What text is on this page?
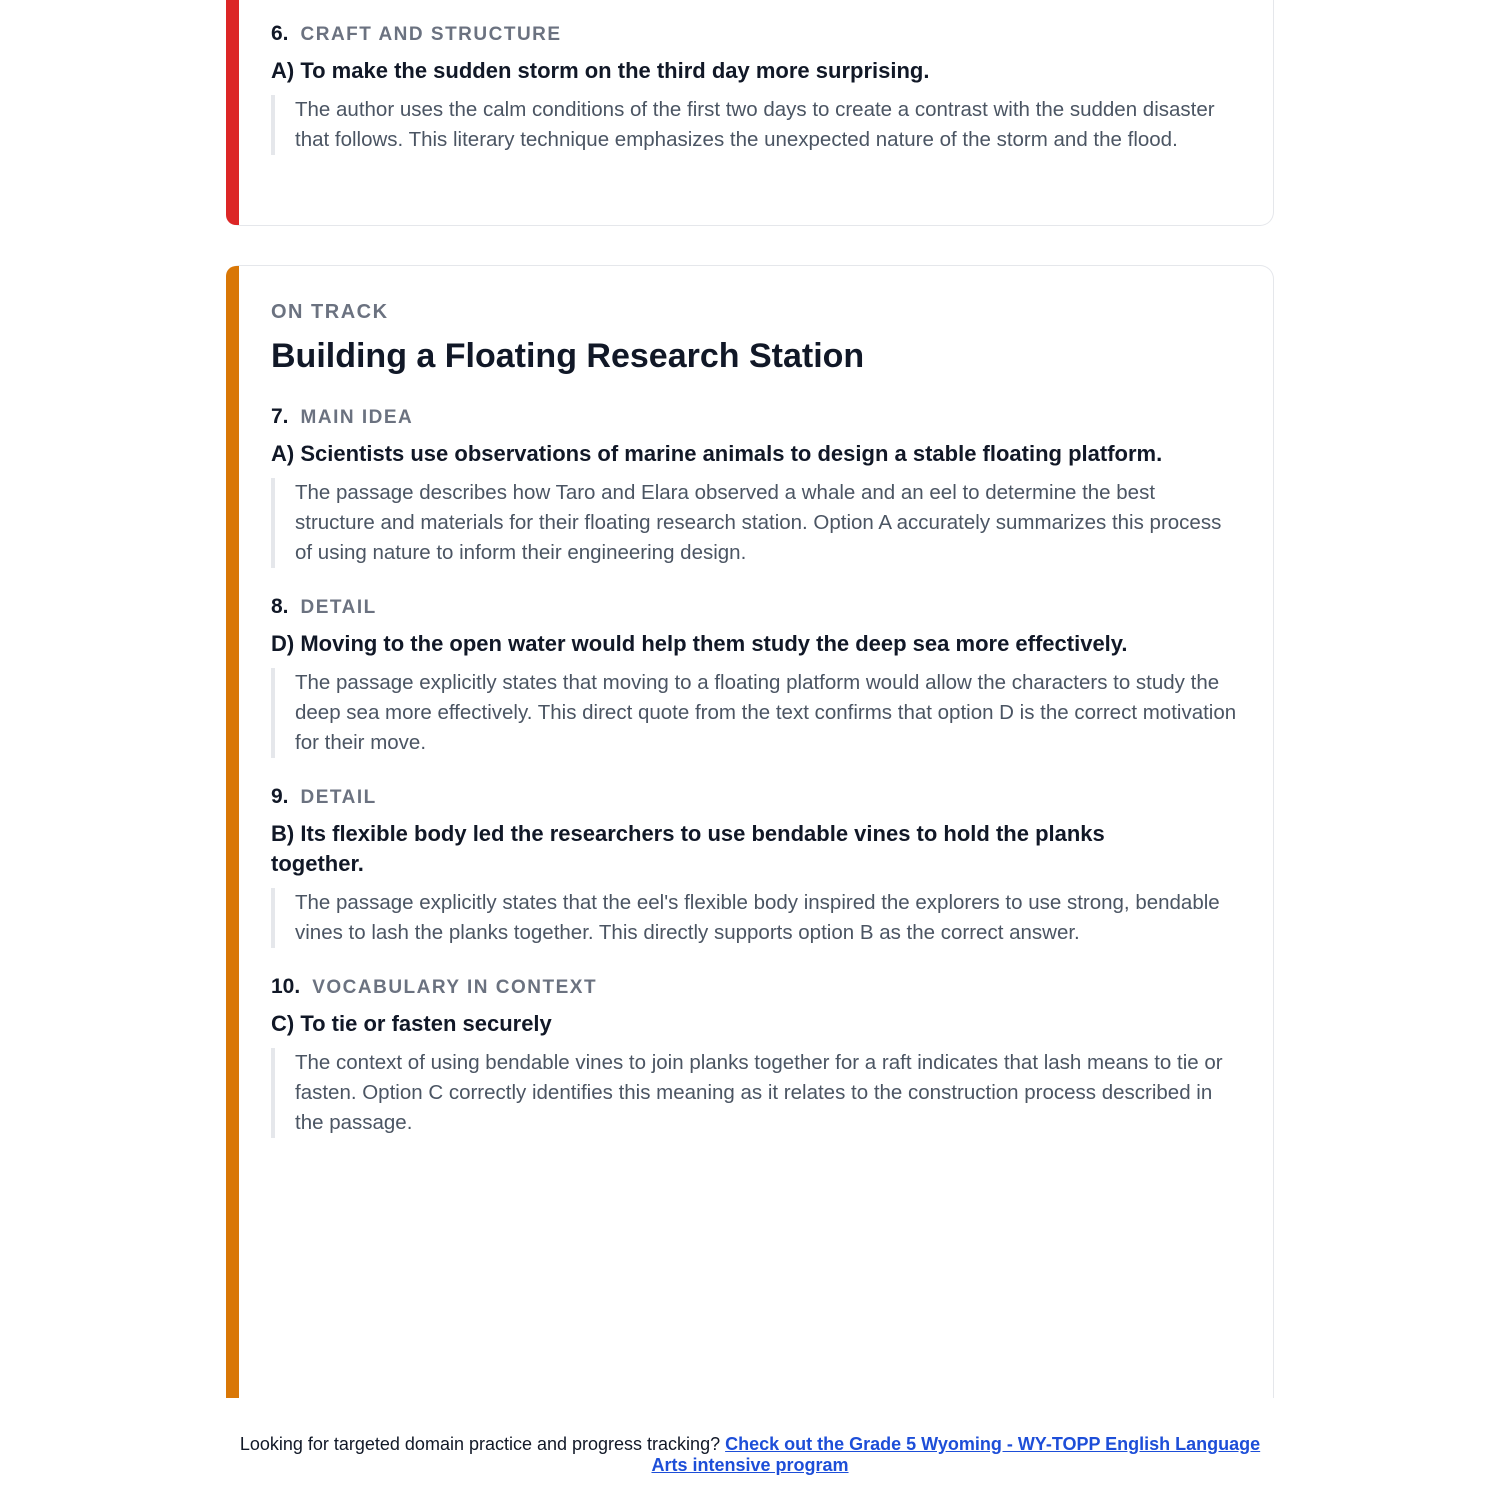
6. CRAFT AND STRUCTURE
A) To make the sudden storm on the third day more surprising.
The author uses the calm conditions of the first two days to create a contrast with the sudden disaster that follows. This literary technique emphasizes the unexpected nature of the storm and the flood.
ON TRACK
Building a Floating Research Station
7. MAIN IDEA
A) Scientists use observations of marine animals to design a stable floating platform.
The passage describes how Taro and Elara observed a whale and an eel to determine the best structure and materials for their floating research station. Option A accurately summarizes this process of using nature to inform their engineering design.
8. DETAIL
D) Moving to the open water would help them study the deep sea more effectively.
The passage explicitly states that moving to a floating platform would allow the characters to study the deep sea more effectively. This direct quote from the text confirms that option D is the correct motivation for their move.
9. DETAIL
B) Its flexible body led the researchers to use bendable vines to hold the planks together.
The passage explicitly states that the eel's flexible body inspired the explorers to use strong, bendable vines to lash the planks together. This directly supports option B as the correct answer.
10. VOCABULARY IN CONTEXT
C) To tie or fasten securely
The context of using bendable vines to join planks together for a raft indicates that lash means to tie or fasten. Option C correctly identifies this meaning as it relates to the construction process described in the passage.
Looking for targeted domain practice and progress tracking? Check out the Grade 5 Wyoming - WY-TOPP English Language Arts intensive program
